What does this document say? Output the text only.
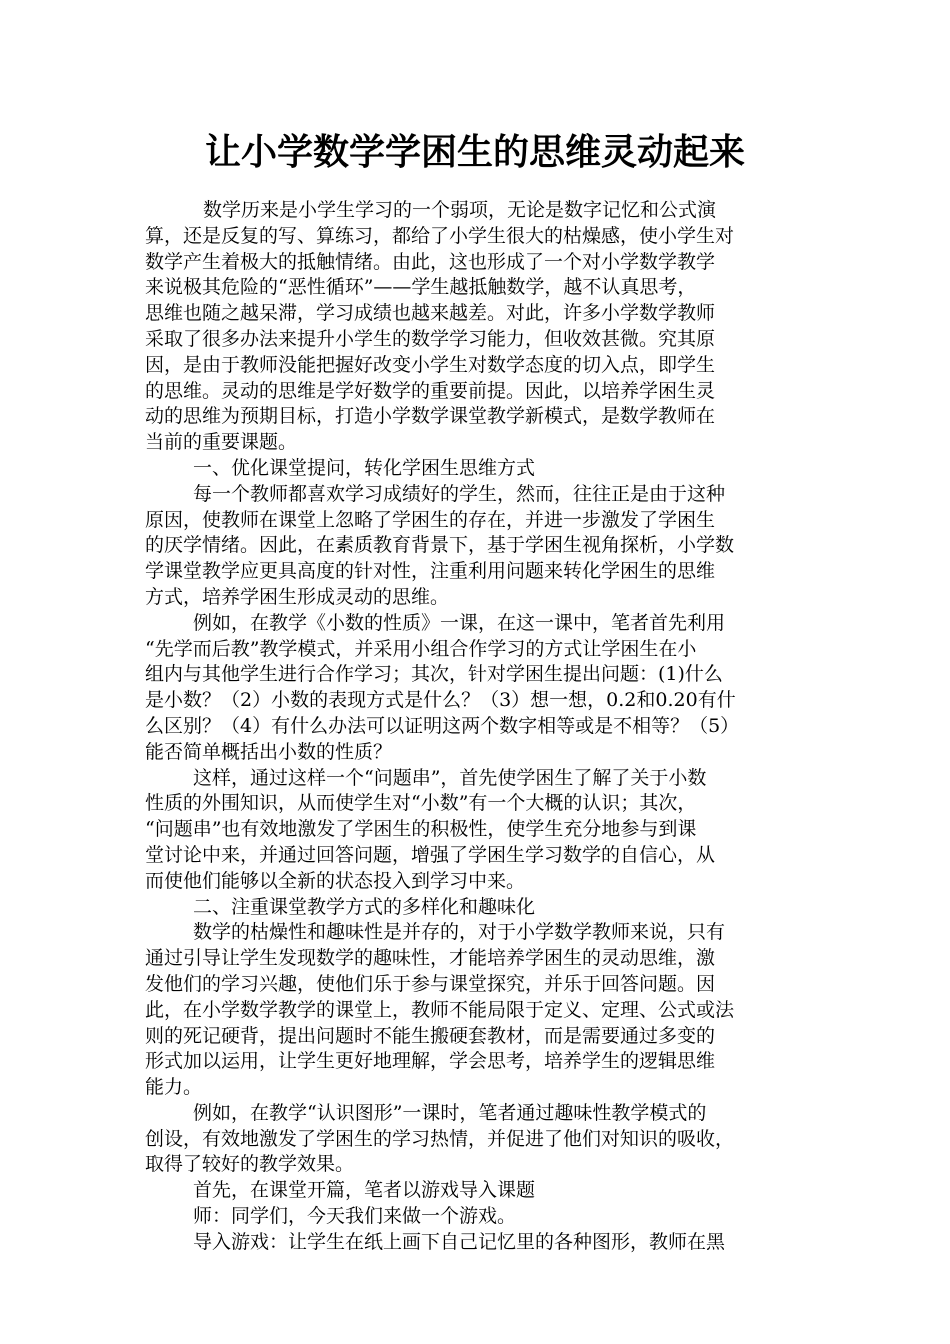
让小学数学学困生的思维灵动起来
数学历来是小学生学习的一个弱项，无论是数字记忆和公式演
算，还是反复的写、算练习，都给了小学生很大的枯燥感，使小学生对
数学产生着极大的抵触情绪。由此，这也形成了一个对小学数学教学
来说极其危险的“恶性循环”——学生越抵触数学，越不认真思考，
思维也随之越呆滞，学习成绩也越来越差。对此，许多小学数学教师
采取了很多办法来提升小学生的数学学习能力，但收效甚微。究其原
因，是由于教师没能把握好改变小学生对数学态度的切入点，即学生
的思维。灵动的思维是学好数学的重要前提。因此，以培养学困生灵
动的思维为预期目标，打造小学数学课堂教学新模式，是数学教师在
当前的重要课题。
一、优化课堂提问，转化学困生思维方式
每一个教师都喜欢学习成绩好的学生，然而，往往正是由于这种
原因，使教师在课堂上忽略了学困生的存在，并进一步激发了学困生
的厌学情绪。因此，在素质教育背景下，基于学困生视角探析，小学数
学课堂教学应更具高度的针对性，注重利用问题来转化学困生的思维
方式，培养学困生形成灵动的思维。
例如，在教学《小数的性质》一课，在这一课中，笔者首先利用
“先学而后教”教学模式，并采用小组合作学习的方式让学困生在小
组内与其他学生进行合作学习；其次，针对学困生提出问题：(1)什么
是小数？（2）小数的表现方式是什么？（3）想一想，0.2和0.20有什
么区别？（4）有什么办法可以证明这两个数字相等或是不相等？（5）
能否简单概括出小数的性质？
这样，通过这样一个“问题串”，首先使学困生了解了关于小数
性质的外围知识，从而使学生对“小数”有一个大概的认识；其次，
“问题串”也有效地激发了学困生的积极性，使学生充分地参与到课
堂讨论中来，并通过回答问题，增强了学困生学习数学的自信心，从
而使他们能够以全新的状态投入到学习中来。
二、注重课堂教学方式的多样化和趣味化
数学的枯燥性和趣味性是并存的，对于小学数学教师来说，只有
通过引导让学生发现数学的趣味性，才能培养学困生的灵动思维，激
发他们的学习兴趣，使他们乐于参与课堂探究，并乐于回答问题。因
此，在小学数学教学的课堂上，教师不能局限于定义、定理、公式或法
则的死记硬背，提出问题时不能生搬硬套教材，而是需要通过多变的
形式加以运用，让学生更好地理解，学会思考，培养学生的逻辑思维
能力。
例如，在教学“认识图形”一课时，笔者通过趣味性教学模式的
创设，有效地激发了学困生的学习热情，并促进了他们对知识的吸收，
取得了较好的教学效果。
首先，在课堂开篇，笔者以游戏导入课题
师：同学们，今天我们来做一个游戏。
导入游戏：让学生在纸上画下自己记忆里的各种图形，教师在黑
